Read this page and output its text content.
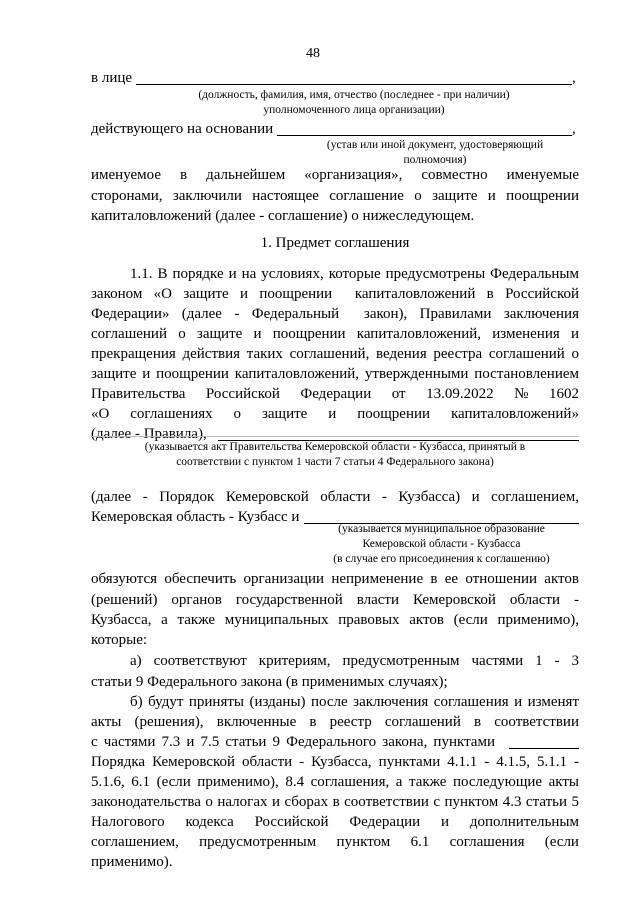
48
в лице	,
(должность, фамилия, имя, отчество (последнее - при наличии)
уполномоченного лица организации)
действующего на основании	,
(устав или иной документ, удостоверяющий
полномочия)
именуемое в дальнейшем «организация», совместно именуемые
сторонами, заключили настоящее соглашение о защите и поощрении
капиталовложений (далее - соглашение) о нижеследующем.
1. Предмет соглашения
1.1. В порядке и на условиях, которые предусмотрены Федеральным
законом «О защите и поощрении  капиталовложений в Российской
Федерации» (далее - Федеральный  закон), Правилами заключения
соглашений о защите и поощрении капиталовложений, изменения и
прекращения действия таких соглашений, ведения реестра соглашений о
защите и поощрении капиталовложений, утвержденными постановлением
Правительства Российской Федерации от 13.09.2022 № 1602
«О соглашениях о защите и поощрении капиталовложений»
(далее - Правила),
(указывается акт Правительства Кемеровской области - Кузбасса, принятый в
соответствии с пунктом 1 части 7 статьи 4 Федерального закона)
(далее - Порядок Кемеровской области - Кузбасса) и соглашением,
Кемеровская область - Кузбасс и
(указывается муниципальное образование
Кемеровской области - Кузбасса
(в случае его присоединения к соглашению)
обязуются обеспечить организации неприменение в ее отношении актов
(решений) органов государственной власти Кемеровской области -
Кузбасса, а также муниципальных правовых актов (если применимо),
которые:
а) соответствуют критериям, предусмотренным частями 1 - 3
статьи 9 Федерального закона (в применимых случаях);
б) будут приняты (изданы) после заключения соглашения и изменят
акты (решения), включенные в реестр соглашений в соответствии
с частями 7.3 и 7.5 статьи 9 Федерального закона, пунктами
Порядка Кемеровской области - Кузбасса, пунктами 4.1.1 - 4.1.5, 5.1.1 -
5.1.6, 6.1 (если применимо), 8.4 соглашения, а также последующие акты
законодательства о налогах и сборах в соответствии с пунктом 4.3 статьи 5
Налогового кодекса Российской Федерации и дополнительным
соглашением, предусмотренным пунктом 6.1 соглашения (если
применимо).
